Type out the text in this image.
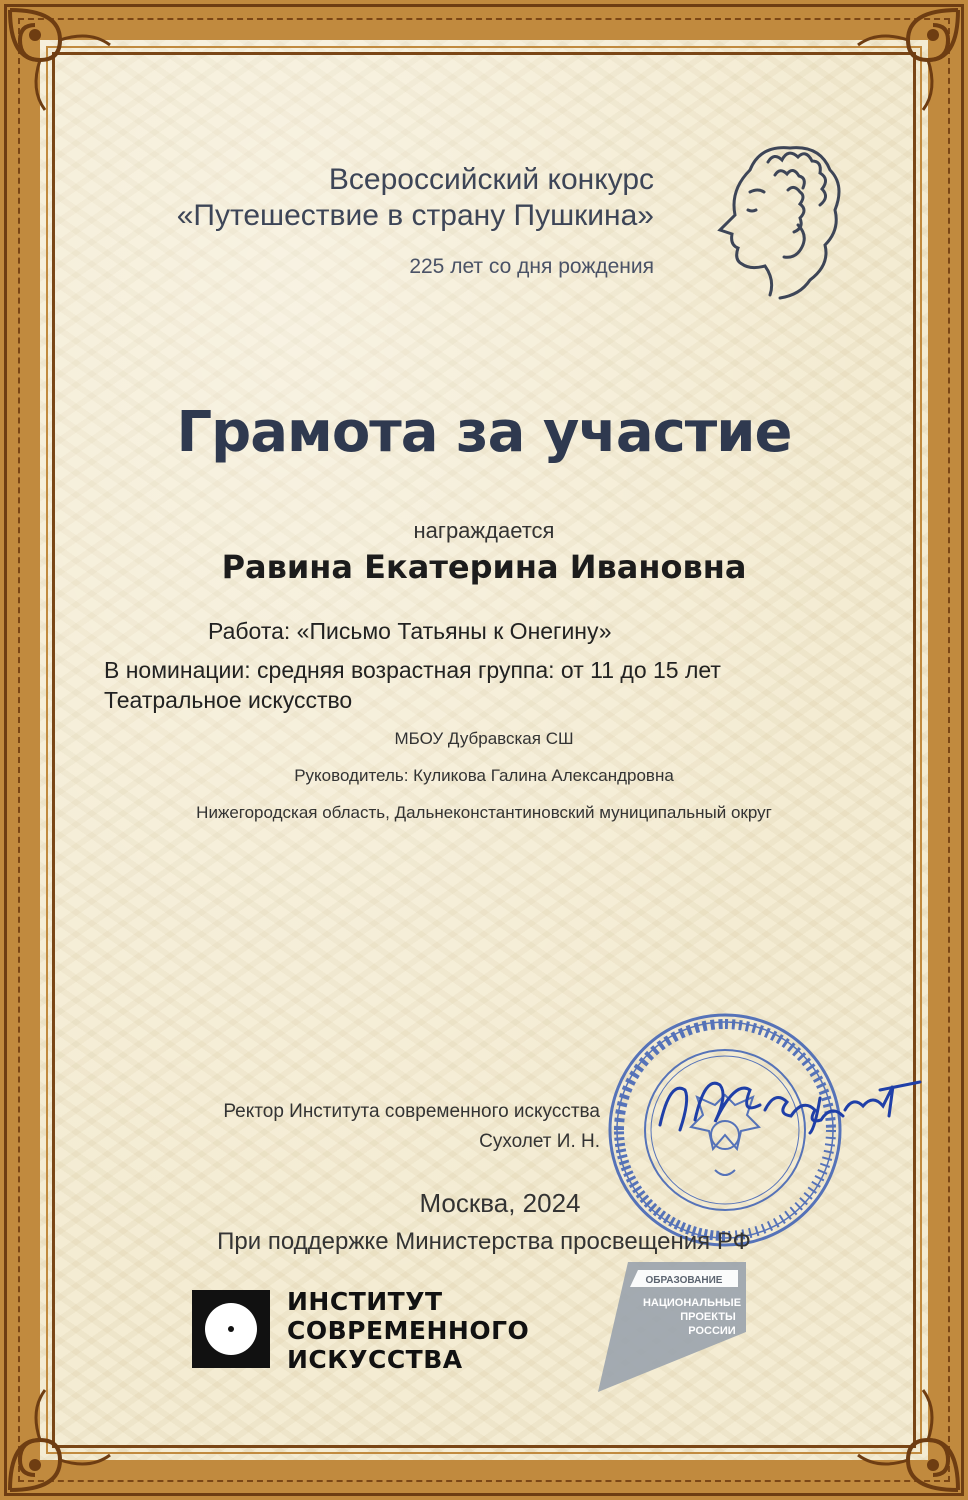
Всероссийский конкурс
«Путешествие в страну Пушкина»
225 лет со дня рождения
Грамота за участие
награждается
Равина Екатерина Ивановна
Работа: «Письмо Татьяны к Онегину»
В номинации: средняя возрастная группа: от 11 до 15 лет
Театральное искусство
МБОУ Дубравская СШ
Руководитель: Куликова Галина Александровна
Нижегородская область, Дальнеконстантиновский муниципальный округ
Ректор Института современного искусства
Сухолет И. Н.
Москва, 2024
При поддержке Министерства просвещения РФ
ИНСТИТУТ
СОВРЕМЕННОГО
ИСКУССТВА
ОБРАЗОВАНИЕ
НАЦИОНАЛЬНЫЕ
ПРОЕКТЫ
РОССИИ
